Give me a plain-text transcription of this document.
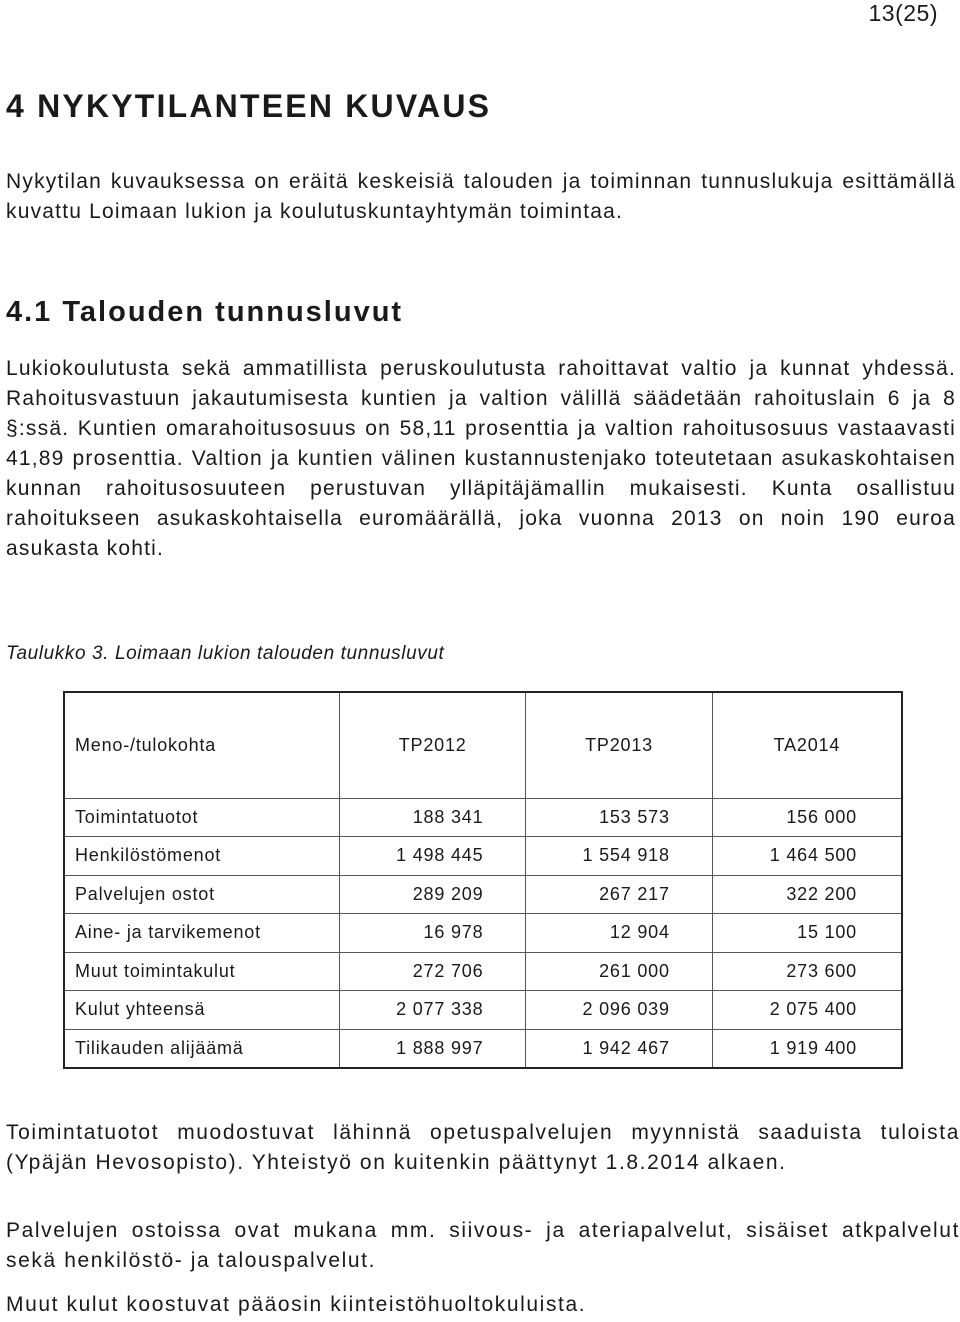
13(25)
4 NYKYTILANTEEN KUVAUS
Nykytilan kuvauksessa on eräitä keskeisiä talouden ja toiminnan tunnuslukuja esittämällä kuvattu Loimaan lukion ja koulutuskuntayhtymän toimintaa.
4.1 Talouden tunnusluvut
Lukiokoulutusta sekä ammatillista peruskoulutusta rahoittavat valtio ja kunnat yhdessä. Rahoitusvastuun jakautumisesta kuntien ja valtion välillä säädetään rahoituslain 6 ja 8 §:ssä. Kuntien omarahoitusosuus on 58,11 prosenttia ja valtion rahoitusosuus vastaavasti 41,89 prosenttia. Valtion ja kuntien välinen kustannustenjako toteutetaan asukaskohtaisen kunnan rahoitusosuuteen perustuvan ylläpitäjämallin mukaisesti. Kunta osallistuu rahoitukseen asukaskohtaisella euromäärällä, joka vuonna 2013 on noin 190 euroa asukasta kohti.
Taulukko 3. Loimaan lukion talouden tunnusluvut
Meno-/tulokohta	TP2012	TP2013	TA2014
Toimintatuotot	188 341	153 573	156 000
Henkilöstömenot	1 498 445	1 554 918	1 464 500
Palvelujen ostot	289 209	267 217	322 200
Aine- ja tarvikemenot	16 978	12 904	15 100
Muut toimintakulut	272 706	261 000	273 600
Kulut yhteensä	2 077 338	2 096 039	2 075 400
Tilikauden alijäämä	1 888 997	1 942 467	1 919 400
Toimintatuotot muodostuvat lähinnä opetuspalvelujen myynnistä saaduista tuloista (Ypäjän Hevosopisto). Yhteistyö on kuitenkin päättynyt 1.8.2014 alkaen.
Palvelujen ostoissa ovat mukana mm. siivous- ja ateriapalvelut, sisäiset atkpalvelut sekä henkilöstö- ja talouspalvelut.
Muut kulut koostuvat pääosin kiinteistöhuoltokuluista.
